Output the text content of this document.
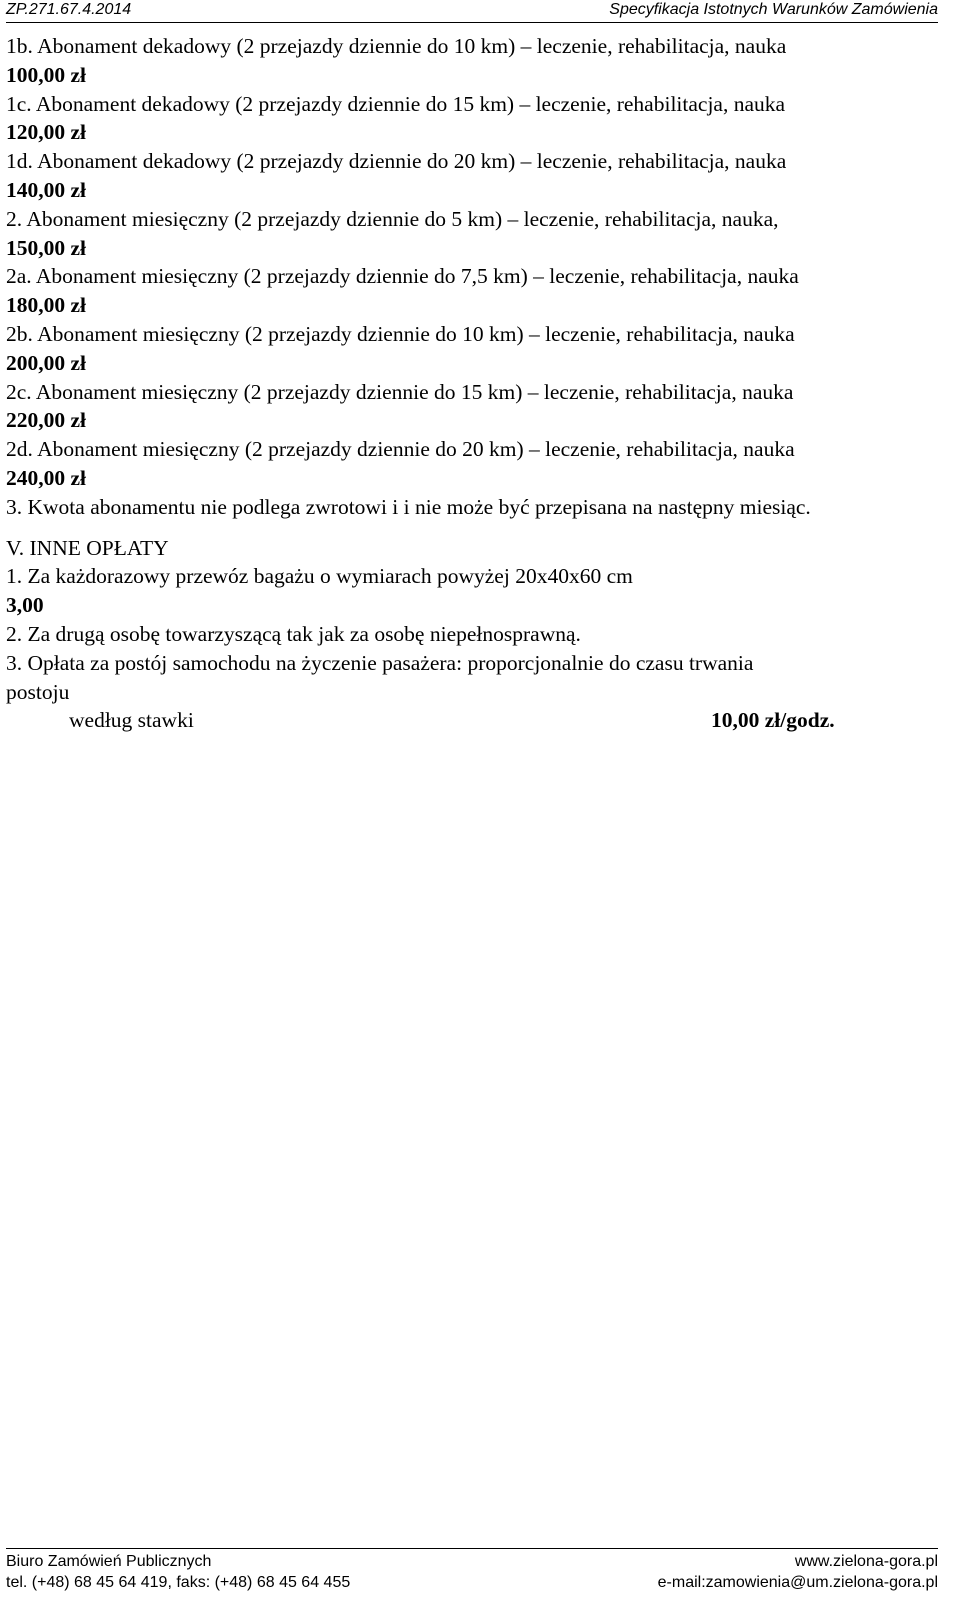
ZP.271.67.4.2014	Specyfikacja Istotnych Warunków Zamówienia
1b. Abonament dekadowy (2 przejazdy dziennie do 10 km) – leczenie, rehabilitacja, nauka
100,00 zł
1c. Abonament dekadowy (2 przejazdy dziennie do 15 km) – leczenie, rehabilitacja, nauka
120,00 zł
1d. Abonament dekadowy (2 przejazdy dziennie do 20 km) – leczenie, rehabilitacja, nauka
140,00 zł
2. Abonament miesięczny (2 przejazdy dziennie do 5 km) – leczenie, rehabilitacja, nauka,
150,00 zł
2a. Abonament miesięczny (2 przejazdy dziennie do 7,5 km) – leczenie, rehabilitacja, nauka
180,00 zł
2b. Abonament miesięczny (2 przejazdy dziennie do 10 km) – leczenie, rehabilitacja, nauka
200,00 zł
2c. Abonament miesięczny (2 przejazdy dziennie do 15 km) – leczenie, rehabilitacja, nauka
220,00 zł
2d. Abonament miesięczny (2 przejazdy dziennie do 20 km) – leczenie, rehabilitacja, nauka
240,00 zł
3. Kwota abonamentu nie podlega zwrotowi i i nie może być przepisana na następny miesiąc.
V. INNE OPŁATY
1. Za każdorazowy przewóz bagażu o wymiarach powyżej 20x40x60 cm
3,00
2. Za drugą osobę towarzyszącą tak jak za osobę niepełnosprawną.
3. Opłata za postój samochodu na życzenie pasażera: proporcjonalnie do czasu trwania
postoju
według stawki	10,00 zł/godz.
Biuro Zamówień Publicznych	www.zielona-gora.pl
tel. (+48) 68 45 64 419, faks: (+48) 68 45 64 455	e-mail:zamowienia@um.zielona-gora.pl
